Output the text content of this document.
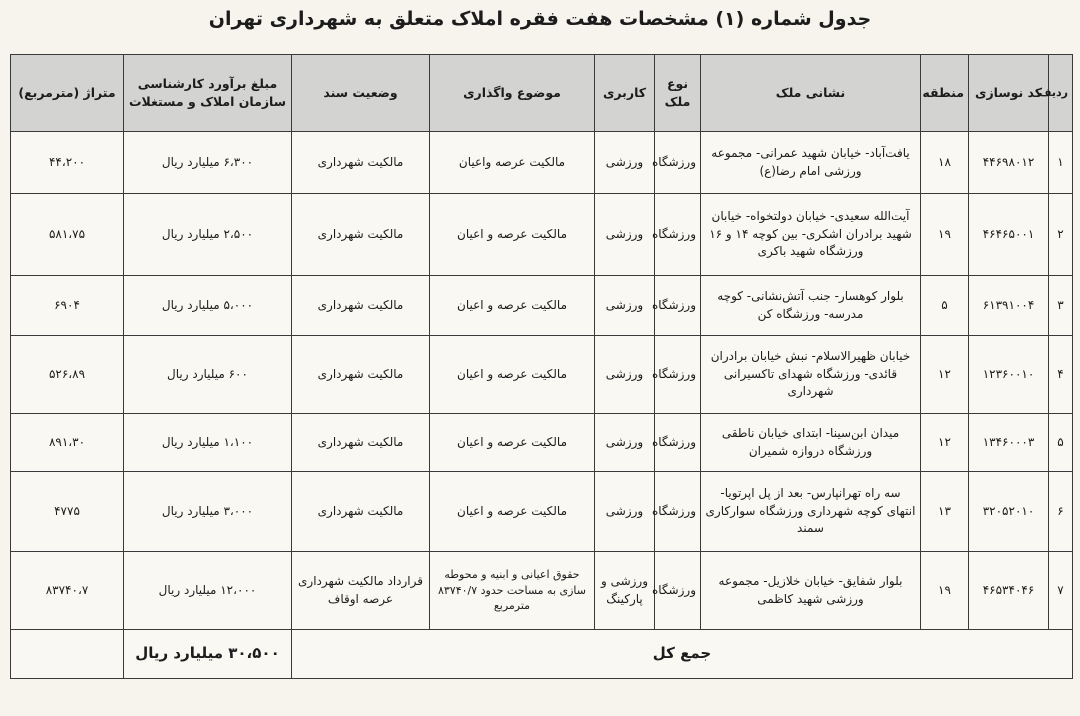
جدول شماره (۱) مشخصات هفت فقره املاک متعلق به شهرداری تهران
ردیف	کد نوسازی	منطقه	نشانی ملک	نوع ملک	کاربری	موضوع واگذاری	وضعیت سند	مبلغ برآورد کارشناسی سازمان املاک و مستغلات	متراژ (مترمربع)
۱	۴۴۶۹۸۰۱۲	۱۸	یافت‌آباد- خیابان شهید عمرانی- مجموعه ورزشی امام رضا(ع)	ورزشگاه	ورزشی	مالکیت عرصه واعیان	مالکیت شهرداری	۶،۳۰۰ میلیارد ریال	۴۴،۲۰۰
۲	۴۶۴۶۵۰۰۱	۱۹	آیت‌الله سعیدی- خیابان دولتخواه- خیابان شهید برادران اشکری- بین کوچه ۱۴ و ۱۶ ورزشگاه شهید باکری	ورزشگاه	ورزشی	مالکیت عرصه و اعیان	مالکیت شهرداری	۲،۵۰۰ میلیارد ریال	۵۸۱،۷۵
۳	۶۱۳۹۱۰۰۴	۵	بلوار کوهسار- جنب آتش‌نشانی- کوچه مدرسه- ورزشگاه کن	ورزشگاه	ورزشی	مالکیت عرصه و اعیان	مالکیت شهرداری	۵،۰۰۰ میلیارد ریال	۶۹۰۴
۴	۱۲۳۶۰۰۱۰	۱۲	خیابان ظهیرالاسلام- نبش خیابان برادران قائدی- ورزشگاه شهدای تاکسیرانی شهرداری	ورزشگاه	ورزشی	مالکیت عرصه و اعیان	مالکیت شهرداری	۶۰۰ میلیارد ریال	۵۲۶،۸۹
۵	۱۳۴۶۰۰۰۳	۱۲	میدان ابن‌سینا- ابتدای خیابان ناطقی ورزشگاه دروازه شمیران	ورزشگاه	ورزشی	مالکیت عرصه و اعیان	مالکیت شهرداری	۱،۱۰۰ میلیارد ریال	۸۹۱،۳۰
۶	۳۲۰۵۲۰۱۰	۱۳	سه راه تهرانپارس- بعد از پل اپرتویا- انتهای کوچه شهرداری ورزشگاه سوارکاری سمند	ورزشگاه	ورزشی	مالکیت عرصه و اعیان	مالکیت شهرداری	۳،۰۰۰ میلیارد ریال	۴۷۷۵
۷	۴۶۵۳۴۰۴۶	۱۹	بلوار شفایق- خیابان خلازیل- مجموعه ورزشی شهید کاظمی	ورزشگاه	ورزشی و پارکینگ	حقوق اعیانی و ابنیه و محوطه سازی به مساحت حدود ۸۳۷۴۰/۷ مترمربع	قرارداد مالکیت شهرداری عرصه اوقاف	۱۲،۰۰۰ میلیارد ریال	۸۳۷۴۰،۷
جمع کل								۳۰،۵۰۰ میلیارد ریال	
